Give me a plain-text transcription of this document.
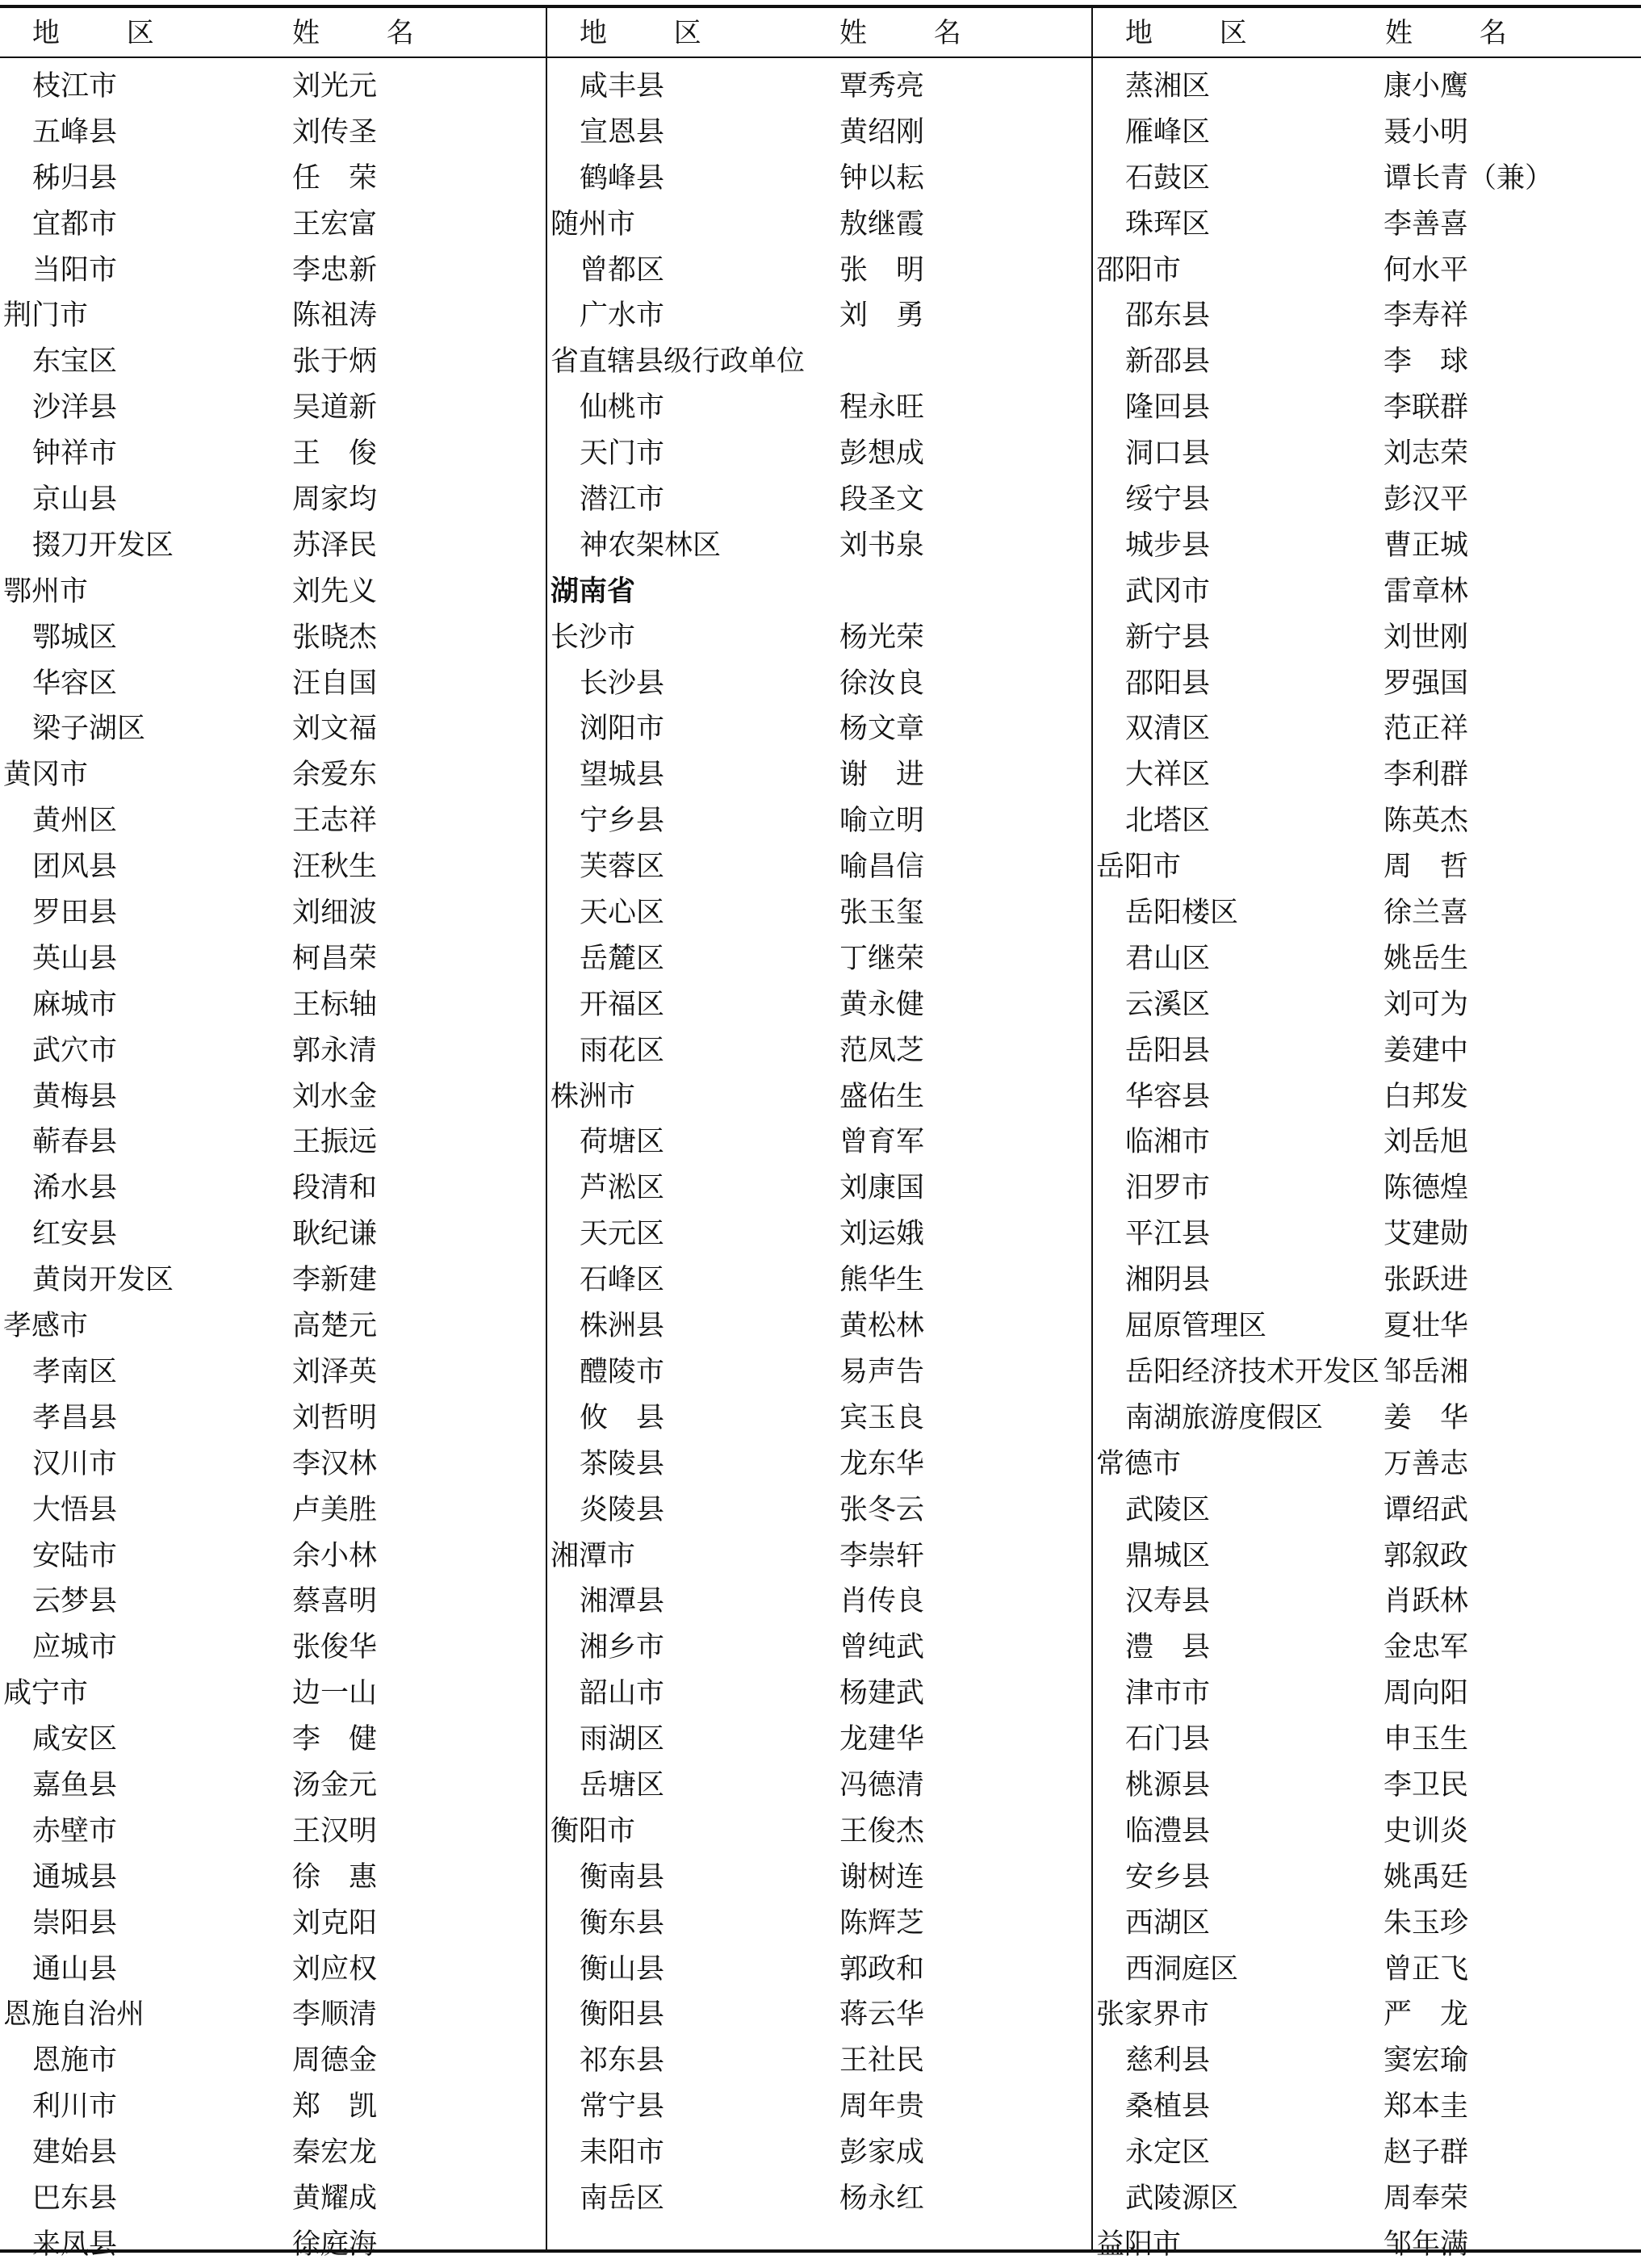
地 区	姓 名
枝江市	刘光元
五峰县	刘传圣
秭归县	任　荣
宜都市	王宏富
当阳市	李忠新
荆门市	陈祖涛
东宝区	张于炳
沙洋县	吴道新
钟祥市	王　俊
京山县	周家均
掇刀开发区	苏泽民
鄂州市	刘先义
鄂城区	张晓杰
华容区	汪自国
梁子湖区	刘文福
黄冈市	余爱东
黄州区	王志祥
团风县	汪秋生
罗田县	刘细波
英山县	柯昌荣
麻城市	王标轴
武穴市	郭永清
黄梅县	刘水金
蕲春县	王振远
浠水县	段清和
红安县	耿纪谦
黄岗开发区	李新建
孝感市	高楚元
孝南区	刘泽英
孝昌县	刘哲明
汉川市	李汉林
大悟县	卢美胜
安陆市	余小林
云梦县	蔡喜明
应城市	张俊华
咸宁市	边一山
咸安区	李　健
嘉鱼县	汤金元
赤壁市	王汉明
通城县	徐　惠
崇阳县	刘克阳
通山县	刘应权
恩施自治州	李顺清
恩施市	周德金
利川市	郑　凯
建始县	秦宏龙
巴东县	黄耀成
来凤县	徐庭海
地 区	姓 名
咸丰县	覃秀亮
宣恩县	黄绍刚
鹤峰县	钟以耘
随州市	敖继霞
曾都区	张　明
广水市	刘　勇
省直辖县级行政单位
仙桃市	程永旺
天门市	彭想成
潜江市	段圣文
神农架林区	刘书泉
湖南省
长沙市	杨光荣
长沙县	徐汝良
浏阳市	杨文章
望城县	谢　进
宁乡县	喻立明
芙蓉区	喻昌信
天心区	张玉玺
岳麓区	丁继荣
开福区	黄永健
雨花区	范凤芝
株洲市	盛佑生
荷塘区	曾育军
芦淞区	刘康国
天元区	刘运娥
石峰区	熊华生
株洲县	黄松林
醴陵市	易声告
攸　县	宾玉良
茶陵县	龙东华
炎陵县	张冬云
湘潭市	李崇轩
湘潭县	肖传良
湘乡市	曾纯武
韶山市	杨建武
雨湖区	龙建华
岳塘区	冯德清
衡阳市	王俊杰
衡南县	谢树连
衡东县	陈辉芝
衡山县	郭政和
衡阳县	蒋云华
祁东县	王社民
常宁县	周年贵
耒阳市	彭家成
南岳区	杨永红
地 区	姓 名
蒸湘区	康小鹰
雁峰区	聂小明
石鼓区	谭长青（兼）
珠珲区	李善喜
邵阳市	何水平
邵东县	李寿祥
新邵县	李　球
隆回县	李联群
洞口县	刘志荣
绥宁县	彭汉平
城步县	曹正城
武冈市	雷章林
新宁县	刘世刚
邵阳县	罗强国
双清区	范正祥
大祥区	李利群
北塔区	陈英杰
岳阳市	周　哲
岳阳楼区	徐兰喜
君山区	姚岳生
云溪区	刘可为
岳阳县	姜建中
华容县	白邦发
临湘市	刘岳旭
汨罗市	陈德煌
平江县	艾建勋
湘阴县	张跃进
屈原管理区	夏壮华
岳阳经济技术开发区 邹岳湘
南湖旅游度假区 姜　华
常德市	万善志
武陵区	谭绍武
鼎城区	郭叙政
汉寿县	肖跃林
澧　县	金忠军
津市市	周向阳
石门县	申玉生
桃源县	李卫民
临澧县	史训炎
安乡县	姚禹廷
西湖区	朱玉珍
西洞庭区	曾正飞
张家界市	严　龙
慈利县	窦宏瑜
桑植县	郑本圭
永定区	赵子群
武陵源区	周奉荣
益阳市	邹年满
